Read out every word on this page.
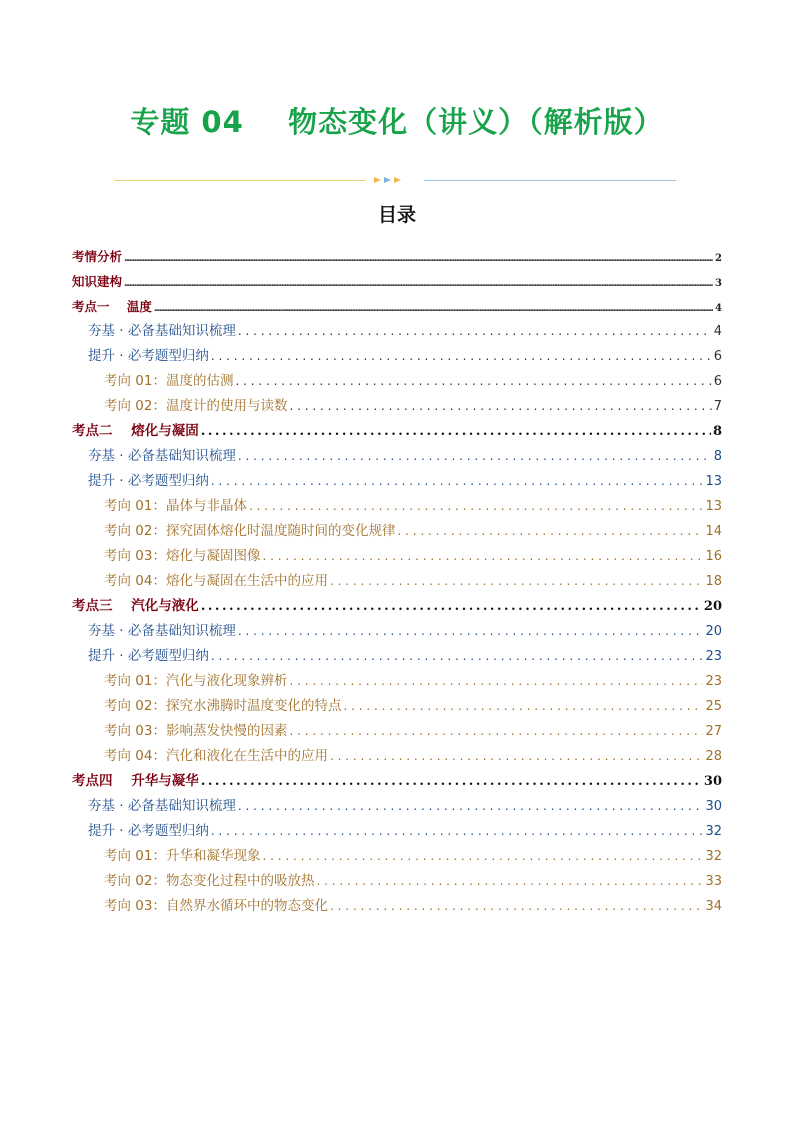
专题 04    物态变化（讲义）（解析版）
目录
考情分析 .....	2
知识建构 .....	3
考点一    温度 .....	4
夯基 · 必备基础知识梳理 . . .	4
提升 · 必考题型归纳 . . .	6
考向 01：温度的估测 . . .	6
考向 02：温度计的使用与读数 . . .	7
考点二    熔化与凝固 . . .	8
夯基 · 必备基础知识梳理 . . .	8
提升 · 必考题型归纳 . . .	13
考向 01：晶体与非晶体 . . .	13
考向 02：探究固体熔化时温度随时间的变化规律 . . .	14
考向 03：熔化与凝固图像 . . .	16
考向 04：熔化与凝固在生活中的应用 . . .	18
考点三    汽化与液化 . . .	20
夯基 · 必备基础知识梳理 . . .	20
提升 · 必考题型归纳 . . .	23
考向 01：汽化与液化现象辨析 . . .	23
考向 02：探究水沸腾时温度变化的特点 . . .	25
考向 03：影响蒸发快慢的因素 . . .	27
考向 04：汽化和液化在生活中的应用 . . .	28
考点四    升华与凝华 . . .	30
夯基 · 必备基础知识梳理 . . .	30
提升 · 必考题型归纳 . . .	32
考向 01：升华和凝华现象 . . .	32
考向 02：物态变化过程中的吸放热 . . .	33
考向 03：自然界水循环中的物态变化 . . .	34
